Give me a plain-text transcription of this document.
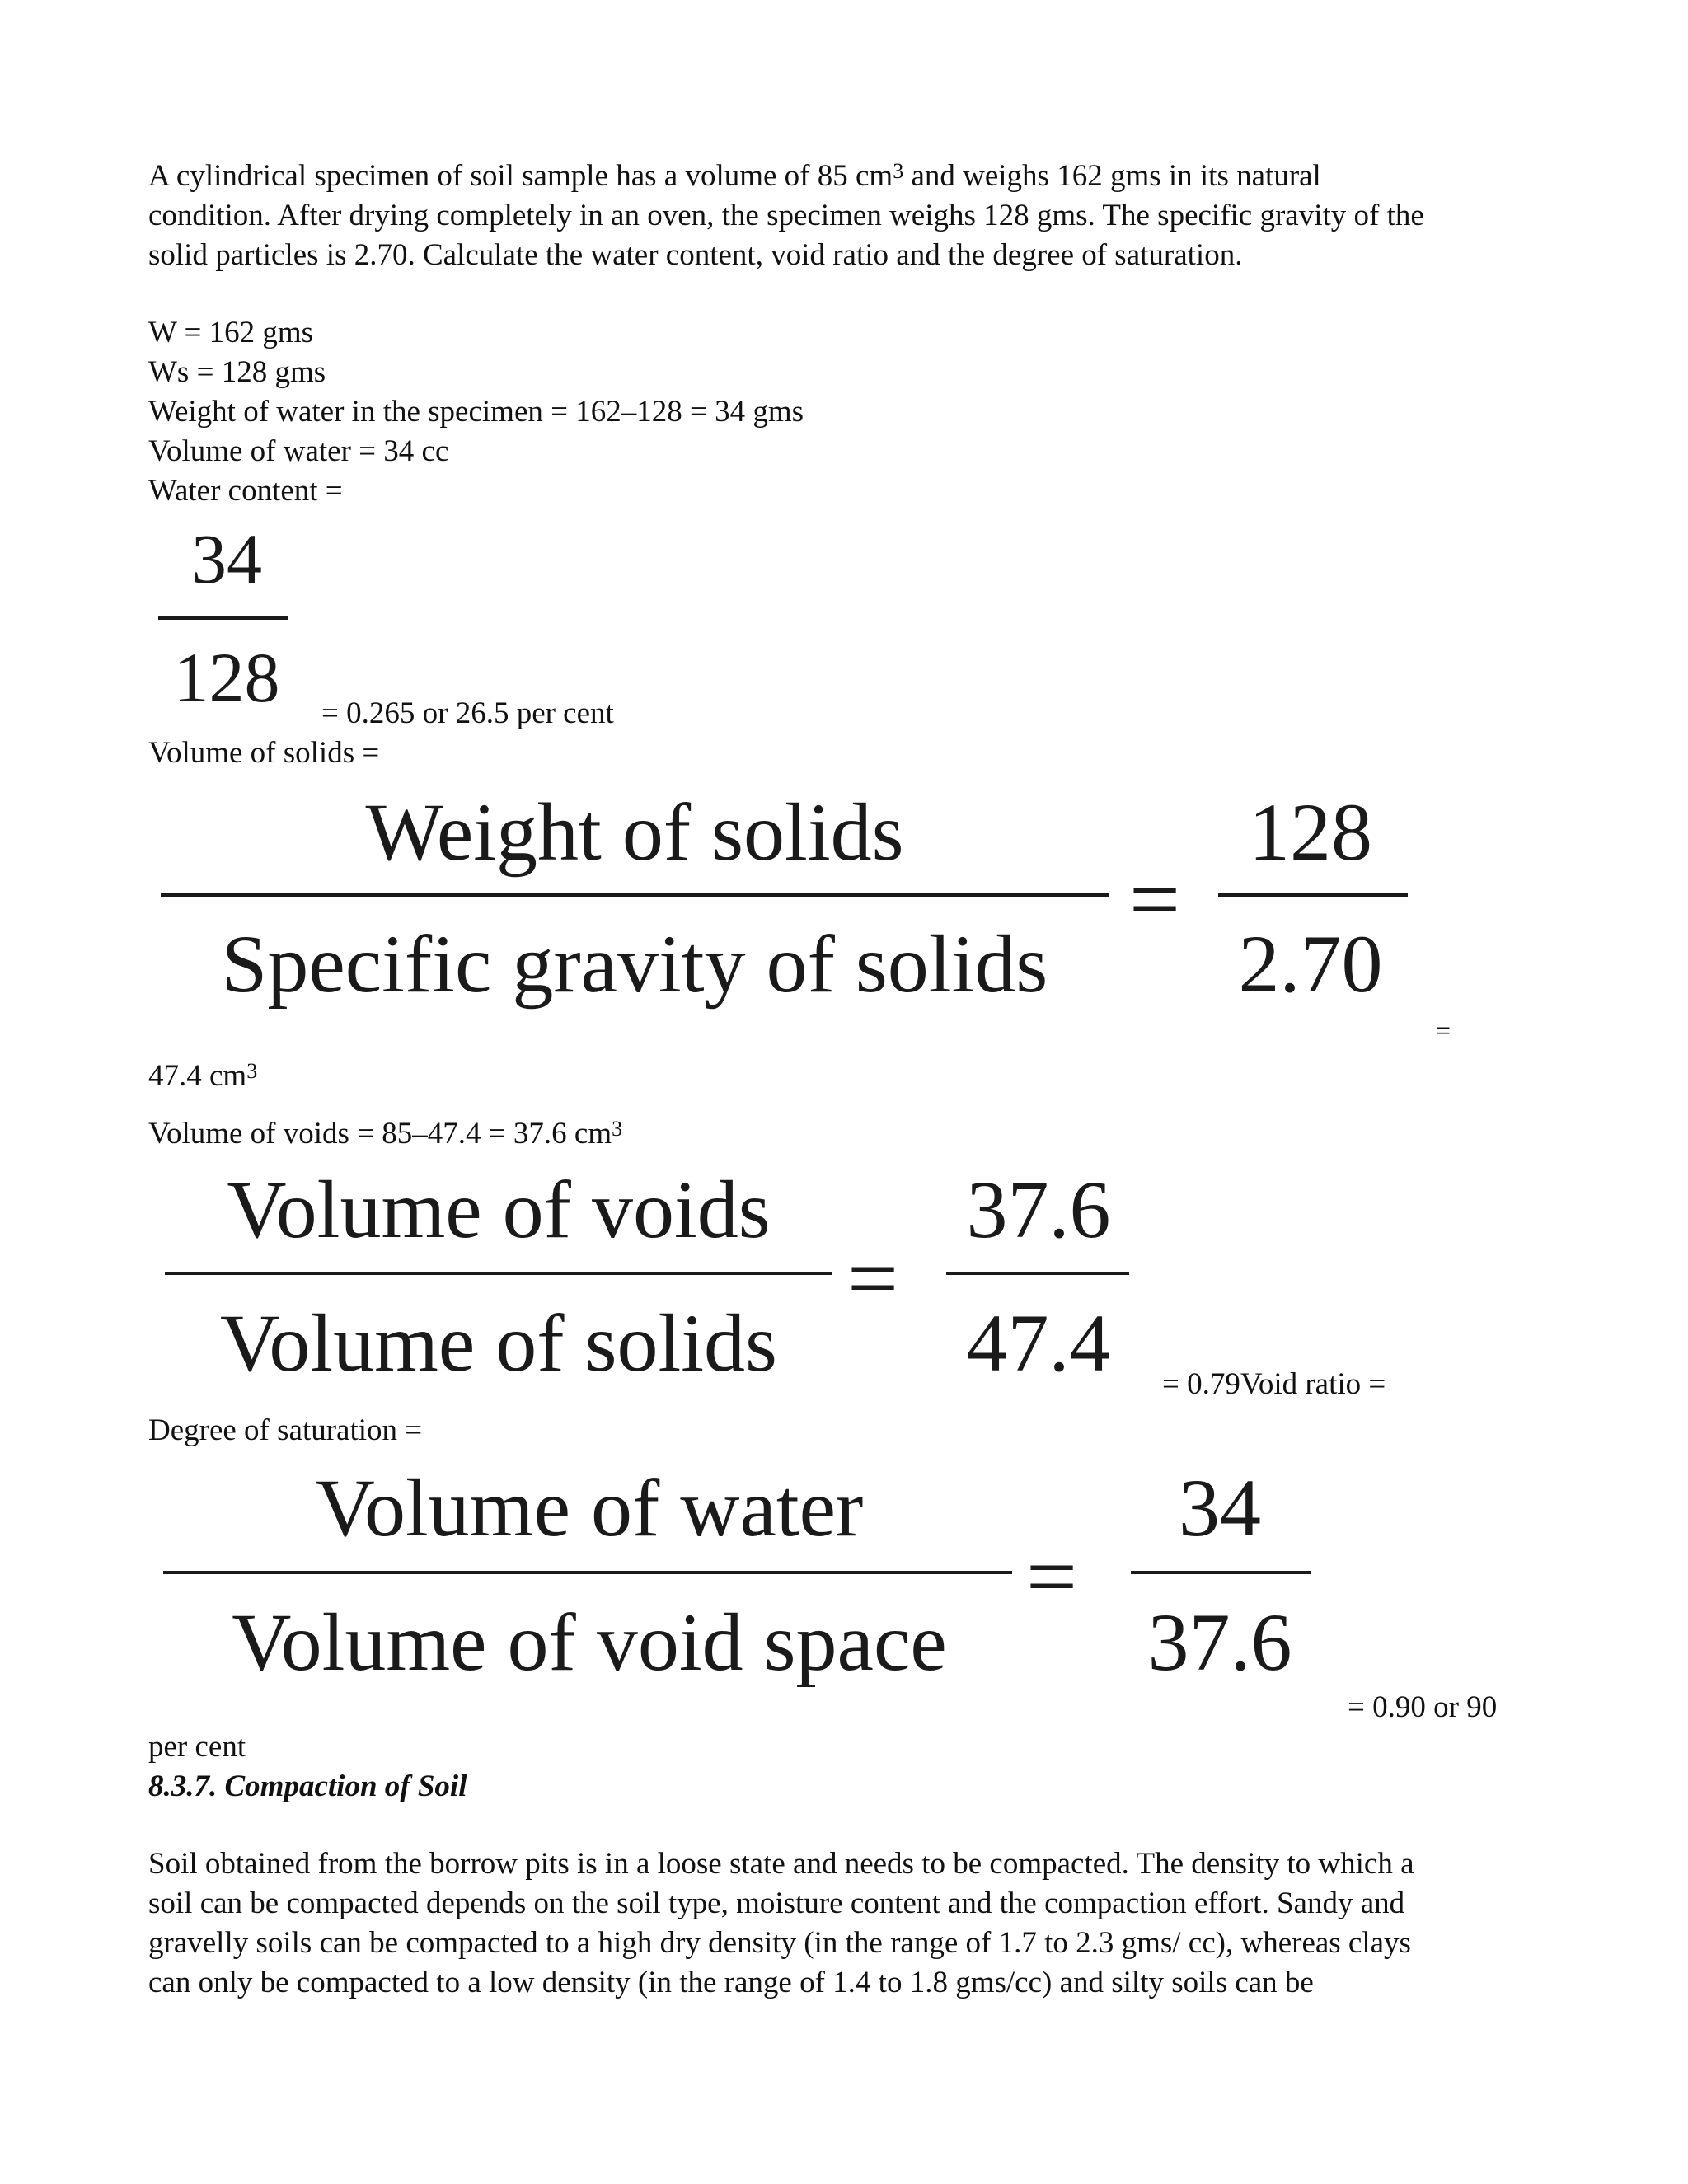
A cylindrical specimen of soil sample has a volume of 85 $cm^3$ and weighs 162 gms in its natural
condition. After drying completely in an oven, the specimen weighs 128 gms. The specific gravity of the
solid particles is 2.70. Calculate the water content, void ratio and the degree of saturation.
W = 162 gms
Ws = 128 gms
Weight of water in the specimen = 162–128 = 34 gms
Volume of water = 34 cc
Water content =
34
128	= 0.265 or 26.5 per cent
Volume of solids =
Weight of solids
Specific gravity of solids
=
128
2.70
=
47.4 $cm^3$
Volume of voids = 85–47.4 = 37.6 $cm^3$
Volume of voids
Volume of solids
=
37.6
47.4	= 0.79Void ratio =
Degree of saturation =
Volume of water
Volume of void space
=
34
37.6
= 0.90 or 90
per cent
8.3.7. Compaction of Soil
Soil obtained from the borrow pits is in a loose state and needs to be compacted. The density to which a
soil can be compacted depends on the soil type, moisture content and the compaction effort. Sandy and
gravelly soils can be compacted to a high dry density (in the range of 1.7 to 2.3 gms/ cc), whereas clays
can only be compacted to a low density (in the range of 1.4 to 1.8 gms/cc) and silty soils can be
